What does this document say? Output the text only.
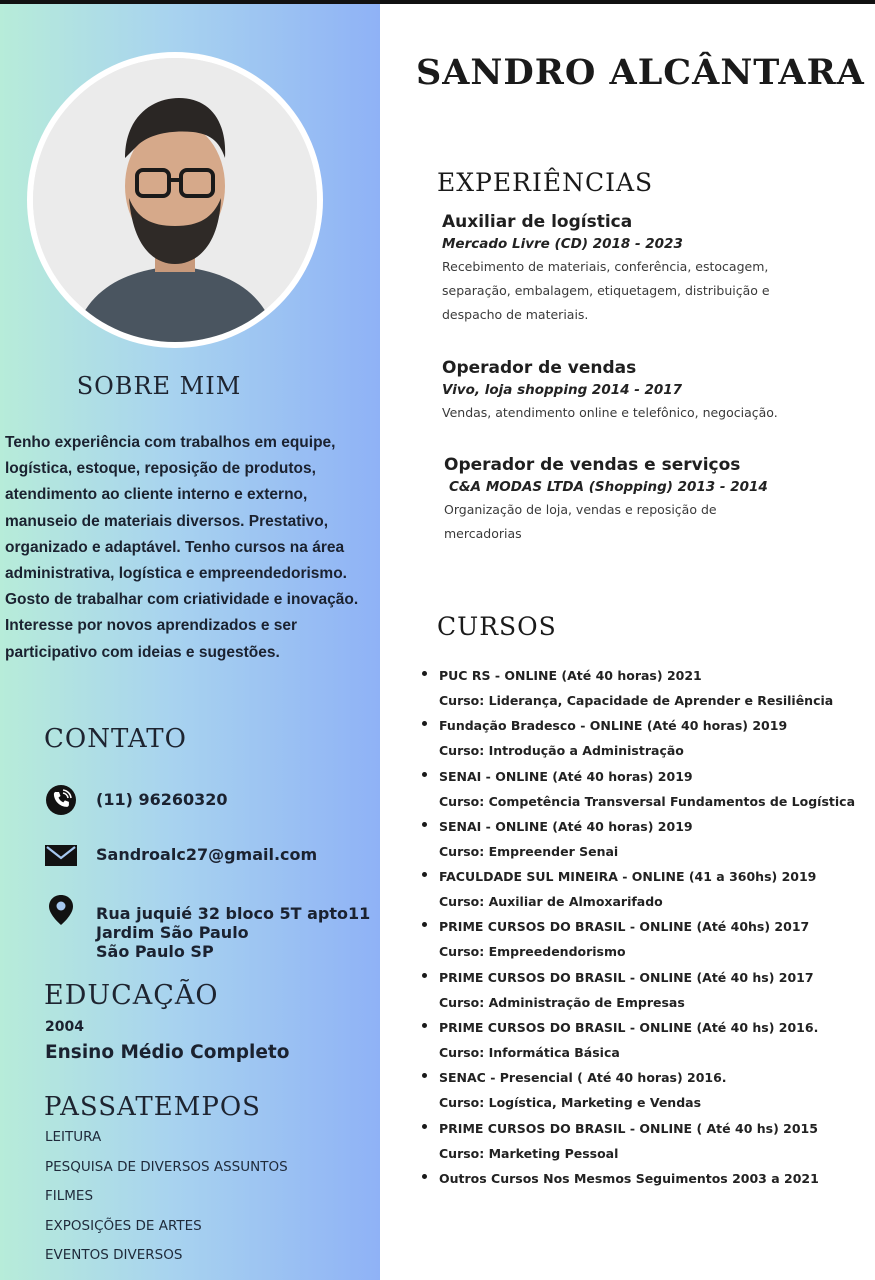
SOBRE MIM

Tenho experiência com trabalhos em equipe, logística, estoque, reposição de produtos, atendimento ao cliente interno e externo, manuseio de materiais diversos. Prestativo, organizado e adaptável. Tenho cursos na área administrativa, logística e empreendedorismo. Gosto de trabalhar com criatividade e inovação. Interesse por novos aprendizados e ser participativo com ideias e sugestões.

CONTATO
(11) 96260320
Sandroalc27@gmail.com
Rua juquié 32 bloco 5T apto11
Jardim São Paulo
São Paulo SP
EDUCAÇÃO
2004
Ensino Médio Completo
PASSATEMPOS
LEITURA
PESQUISA DE DIVERSOS ASSUNTOS
FILMES
EXPOSIÇÕES DE ARTES
EVENTOS DIVERSOS
SANDRO ALCÂNTARA
EXPERIÊNCIAS
Auxiliar de logística
Mercado Livre (CD) 2018 - 2023
Recebimento de materiais, conferência, estocagem,
separação, embalagem, etiquetagem, distribuição e
despacho de materiais.
Operador de vendas
Vivo, loja shopping 2014 - 2017
Vendas, atendimento online e telefônico, negociação.
Operador de vendas e serviços
C&A MODAS LTDA (Shopping) 2013 - 2014
Organização de loja, vendas e reposição de
mercadorias
CURSOS
PUC RS - ONLINE (Até 40 horas) 2021
Curso: Liderança, Capacidade de Aprender e Resiliência
Fundação Bradesco - ONLINE (Até 40 horas) 2019
Curso: Introdução a Administração
SENAI - ONLINE (Até 40 horas) 2019
Curso: Competência Transversal Fundamentos de Logística
SENAI - ONLINE (Até 40 horas) 2019
Curso: Empreender Senai
FACULDADE SUL MINEIRA - ONLINE (41 a 360hs) 2019
Curso: Auxiliar de Almoxarifado
PRIME CURSOS DO BRASIL - ONLINE (Até 40hs) 2017
Curso: Empreedendorismo
PRIME CURSOS DO BRASIL - ONLINE (Até 40 hs) 2017
Curso: Administração de Empresas
PRIME CURSOS DO BRASIL - ONLINE (Até 40 hs) 2016.
Curso: Informática Básica
SENAC - Presencial ( Até 40 horas) 2016.
Curso: Logística, Marketing e Vendas
PRIME CURSOS DO BRASIL - ONLINE ( Até 40 hs) 2015
Curso: Marketing Pessoal
Outros Cursos Nos Mesmos Seguimentos 2003 a 2021
